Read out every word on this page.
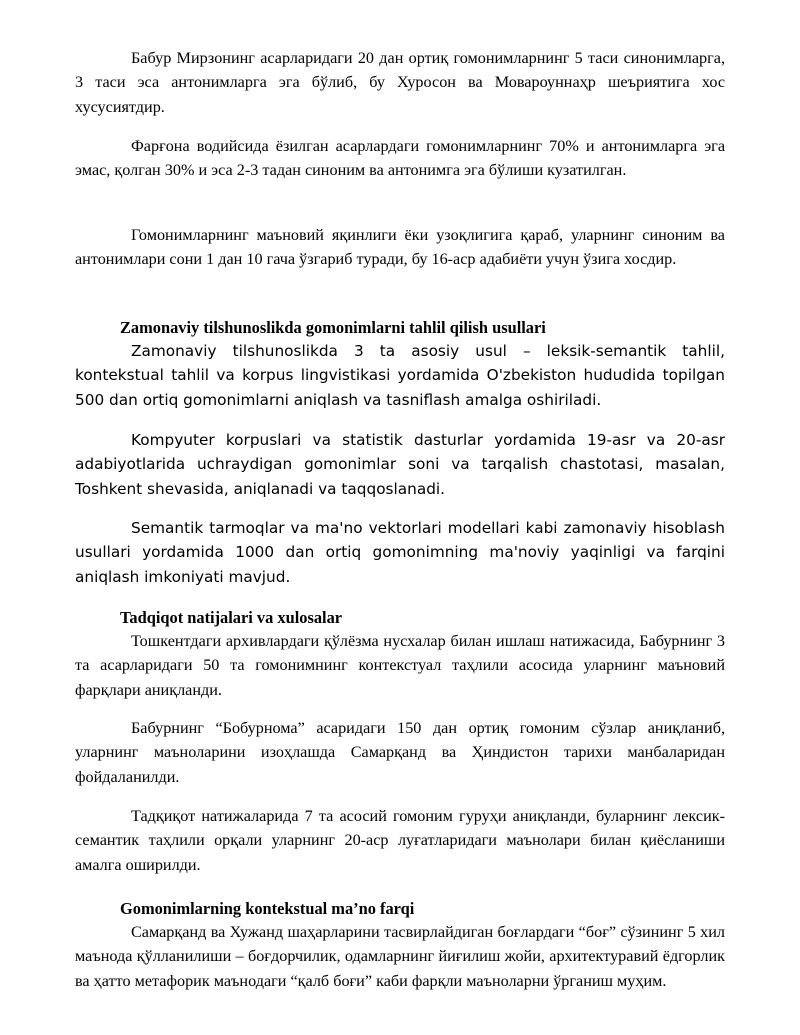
Бабур Мирзонинг асарларидаги 20 дан ортиқ гомонимларнинг 5 таси синонимларга, 3 таси эса антонимларга эга бўлиб, бу Хуросон ва Мовароуннаҳр шеъриятига хос хусусиятдир.

Фарғона водийсида ёзилган асарлардаги гомонимларнинг 70% и антонимларга эга эмас, қолган 30% и эса 2-3 тадан синоним ва антонимга эга бўлиши кузатилган.

Гомонимларнинг маъновий яқинлиги ёки узоқлигига қараб, уларнинг синоним ва антонимлари сони 1 дан 10 гача ўзгариб туради, бу 16-аср адабиёти учун ўзига хосдир.

Zamonaviy tilshunoslikda gomonimlarni tahlil qilish usullari

Zamonaviy tilshunoslikda 3 ta asosiy usul – leksik-semantik tahlil, kontekstual tahlil va korpus lingvistikasi yordamida O'zbekiston hududida topilgan 500 dan ortiq gomonimlarni aniqlash va tasniflash amalga oshiriladi.

Kompyuter korpuslari va statistik dasturlar yordamida 19-asr va 20-asr adabiyotlarida uchraydigan gomonimlar soni va tarqalish chastotasi, masalan, Toshkent shevasida, aniqlanadi va taqqoslanadi.

Semantik tarmoqlar va ma'no vektorlari modellari kabi zamonaviy hisoblash usullari yordamida 1000 dan ortiq gomonimning ma'noviy yaqinligi va farqini aniqlash imkoniyati mavjud.

Tadqiqot natijalari va xulosalar

Тошкентдаги архивлардаги қўлёзма нусхалар билан ишлаш натижасида, Бабурнинг 3 та асарларидаги 50 та гомонимнинг контекстуал таҳлили асосида уларнинг маъновий фарқлари аниқланди.

Бабурнинг “Бобурнома” асаридаги 150 дан ортиқ гомоним сўзлар аниқланиб, уларнинг маъноларини изоҳлашда Самарқанд ва Ҳиндистон тарихи манбаларидан фойдаланилди.

Тадқиқот натижаларида 7 та асосий гомоним гуруҳи аниқланди, буларнинг лексик-семантик таҳлили орқали уларнинг 20-аср луғатларидаги маънолари билан қиёсланиши амалга оширилди.

Gomonimlarning kontekstual ma’no farqi

Самарқанд ва Хужанд шаҳарларини тасвирлайдиган боғлардаги “боғ” сўзининг 5 хил маънода қўлланилиши – боғдорчилик, одамларнинг йиғилиш жойи, архитектуравий ёдгорлик ва ҳатто метафорик маънодаги “қалб боғи” каби фарқли маъноларни ўрганиш муҳим.
